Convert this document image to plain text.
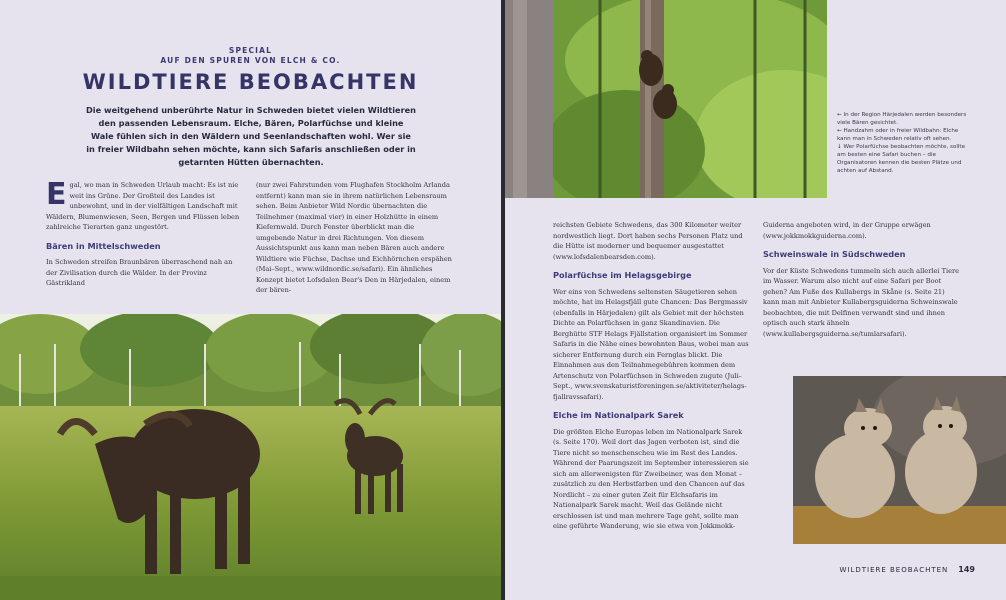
SPECIAL
AUF DEN SPUREN VON ELCH & CO.
WILDTIERE BEOBACHTEN

Die weitgehend unberührte Natur in Schweden bietet vielen Wildtieren den passenden Lebensraum. Elche, Bären, Polarfüchse und kleine Wale fühlen sich in den Wäldern und Seenlandschaften wohl. Wer sie in freier Wildbahn sehen möchte, kann sich Safaris anschließen oder in getarnten Hütten übernachten.

Egal, wo man in Schweden Urlaub macht: Es ist nie weit ins Grüne. Der Großteil des Landes ist unbewohnt, und in der vielfältigen Landschaft mit Wäldern, Blumenwiesen, Seen, Bergen und Flüssen leben zahlreiche Tierarten ganz ungestört.

Bären in Mittelschweden

In Schweden streifen Braunbären überraschend nah an der Zivilisation durch die Wälder. In der Provinz Gästrikland

(nur zwei Fahrstunden vom Flughafen Stockholm Arlanda entfernt) kann man sie in ihrem natürlichen Lebensraum sehen. Beim Anbieter Wild Nordic übernachten die Teilnehmer (maximal vier) in einer Holzhütte in einem Kiefernwald. Durch Fenster überblickt man die umgebende Natur in drei Richtungen. Von diesem Aussichtspunkt aus kann man neben Bären auch andere Wildtiere wie Füchse, Dachse und Eichhörnchen erspähen (Mai–Sept., www.wildnordic.se/safari). Ein ähnliches Konzept bietet Lofsdalen Bear's Den in Härjedalen, einem der bären-

← In der Region Härjedalen werden besonders viele Bären gesichtet.
← Handzahm oder in freier Wildbahn: Elche kann man in Schweden relativ oft sehen.
↓ Wer Polarfüchse beobachten möchte, sollte am besten eine Safari buchen – die Organisatoren kennen die besten Plätze und achten auf Abstand.

reichsten Gebiete Schwedens, das 300 Kilometer weiter nordwestlich liegt. Dort haben sechs Personen Platz und die Hütte ist moderner und bequemer ausgestattet (www.lofsdalenbearsden.com).

Polarfüchse im Helagsgebirge

Wer eins von Schwedens seltensten Säugetieren sehen möchte, hat im Helagsfjäll gute Chancen: Das Bergmassiv (ebenfalls in Härjedalen) gilt als Gebiet mit der höchsten Dichte an Polarfüchsen in ganz Skandinavien. Die Berghütte STF Helags Fjällstation organisiert im Sommer Safaris in die Nähe eines bewohnten Baus, wobei man aus sicherer Entfernung durch ein Fernglas blickt. Die Einnahmen aus den Teilnahmegebühren kommen dem Artenschutz von Polarfüchsen in Schweden zugute (Juli–Sept., www.svenskaturistforeningen.se/aktiviteter/helags-fjallravssafari).

Elche im Nationalpark Sarek

Die größten Elche Europas leben im Nationalpark Sarek (s. Seite 170). Weil dort das Jagen verboten ist, sind die Tiere nicht so menschenscheu wie im Rest des Landes. Während der Paarungszeit im September interessieren sie sich am allerwenigsten für Zweibeiner, was den Monat – zusätzlich zu den Herbstfarben und den Chancen auf das Nordlicht – zu einer guten Zeit für Elchsafaris im Nationalpark Sarek macht. Weil das Gelände nicht erschlossen ist und man mehrere Tage geht, sollte man eine geführte Wanderung, wie sie etwa von Jokkmokk-

Guiderna angeboten wird, in der Gruppe erwägen (www.jokkmokkguiderna.com).

Schweinswale in Südschweden

Vor der Küste Schwedens tummeln sich auch allerlei Tiere im Wasser. Warum also nicht auf eine Safari per Boot gehen? Am Fuße des Kullabergs in Skåne (s. Seite 21) kann man mit Anbieter Kullabergsguiderna Schweinswale beobachten, die mit Delfinen verwandt sind und ihnen optisch auch stark ähneln (www.kullabergsguiderna.se/tumlarsafari).

WILDTIERE BEOBACHTEN 149
